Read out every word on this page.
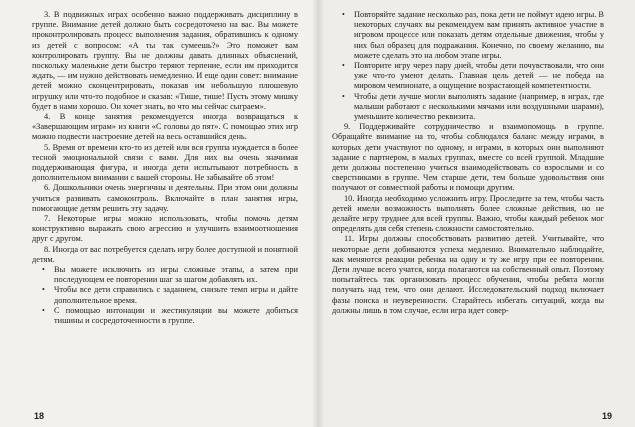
3. В подвижных играх особенно важно поддерживать дисциплину в группе. Внимание детей должно быть сосредоточено на вас. Вы можете проконтролировать процесс выполнения задания, обратившись к одному из детей с вопросом: «А ты так сумеешь?» Это поможет вам контролировать группу. Вы не должны давать длинных объяснений, поскольку маленькие дети быстро теряют терпение, если им приходится ждать, — им нужно действовать немедленно. И еще один совет: внимание детей можно сконцентрировать, показав им небольшую плюшевую игрушку или что-то подобное и сказав: «Тише, тише! Пусть этому мишку будет в нами хорошо. Он хочет знать, во что мы сейчас сыграем».

4. В конце занятия рекомендуется иногда возвращаться к «Завершающим играм» из книги «С головы до пят». С помощью этих игр можно подвести настроение детей на весь оставшийся день.

5. Время от времени кто-то из детей или вся группа нуждается в более тесной эмоциональной связи с вами. Для них вы очень значимая поддерживающая фигура, и иногда дети испытывают потребность в дополнительном внимании с вашей стороны. Не забывайте об этом!

6. Дошкольники очень энергичны и деятельны. При этом они должны учиться развивать самоконтроль. Включайте в план занятия игры, помогающие детям решить эту задачу.

7. Некоторые игры можно использовать, чтобы помочь детям конструктивно выражать свою агрессию и улучшить взаимоотношения друг с другом.

8. Иногда от вас потребуется сделать игру более доступной и понятной детям.

• Вы можете исключить из игры сложные этапы, а затем при последующем ее повторении шаг за шагом добавлять их.
• Чтобы все дети справились с заданием, снизьте темп игры и дайте дополнительное время.
• С помощью интонации и жестикуляции вы можете добиться тишины и сосредоточенности в группе.
18
• Повторяйте задание несколько раз, пока дети не поймут идею игры. В некоторых случаях вы рекомендуем вам принять активное участие в игровом процессе или показать детям отдельные движения, чтобы у них был образец для подражания. Конечно, по своему желанию, вы можете сделать это на любом этапе игры.
• Повторите игру через пару дней, чтобы дети почувствовали, что они уже что-то умеют делать. Главная цель детей — не победа на мировом чемпионате, а ощущение возрастающей компетентности.
• Чтобы дети лучше могли выполнять задание (например, в играх, где малыши работают с несколькими мячами или воздушными шарами), уменьшите количество реквизита.

9. Поддерживайте сотрудничество и взаимопомощь в группе. Обращайте внимание на то, чтобы соблюдался баланс между играми, в которых дети участвуют по одному, и играми, в которых они выполняют задание с партнером, в малых группах, вместе со всей группой. Младшие дети должны постепенно учиться взаимодействовать со взрослыми и со сверстниками в группе. Чем старше дети, тем больше удовольствия они получают от совместной работы и помощи другим.

10. Иногда необходимо усложнить игру. Проследите за тем, чтобы часть детей имели возможность выполнять более сложные действия, но не делайте игру труднее для всей группы. Важно, чтобы каждый ребенок мог определять для себя степень сложности самостоятельно.

11. Игры должны способствовать развитию детей. Учитывайте, что некоторые дети добиваются успеха медленно. Внимательно наблюдайте, как меняются реакции ребенка на одну и ту же игру при ее повторении. Дети лучше всего учатся, когда полагаются на собственный опыт. Поэтому попытайтесь так организовать процесс обучения, чтобы ребята могли получать над тем, что они делают. Исследовательский подход включает фазы поиска и неуверенности. Старайтесь избегать ситуаций, когда вы должны лишь в том случае, если игра идет совер-

19
